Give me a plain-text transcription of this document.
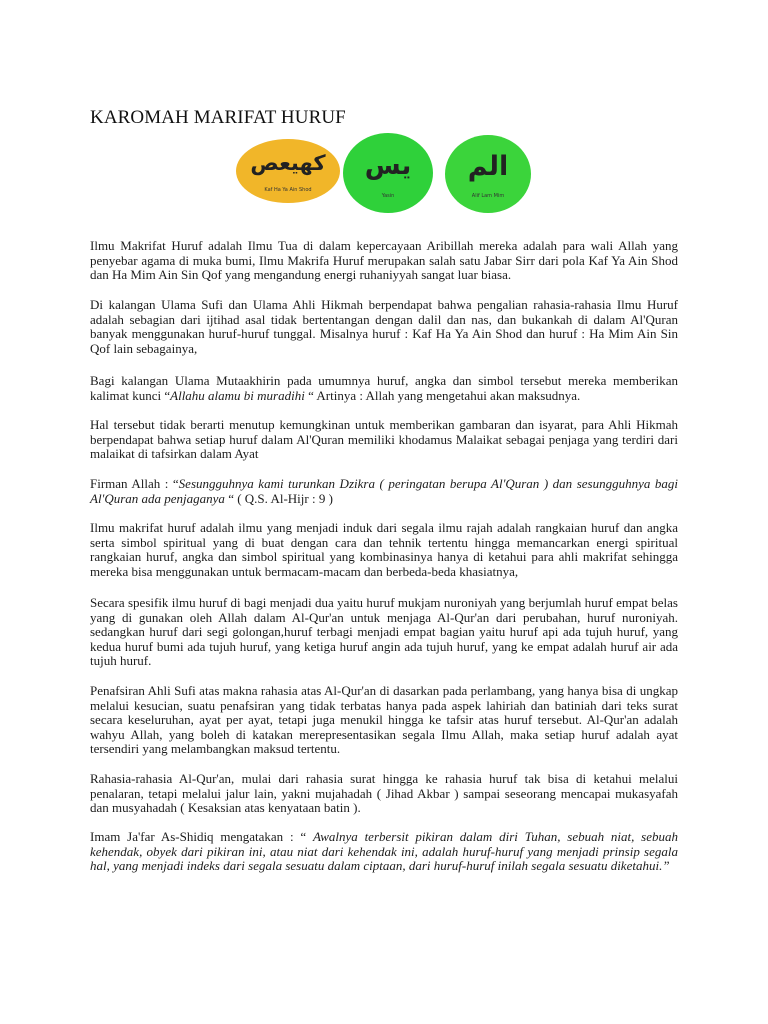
KAROMAH MARIFAT HURUF
كهيعص
Kaf Ha Ya Ain Shod
يس
Yasin
الم
Alif Lam Mim

Ilmu Makrifat Huruf adalah Ilmu Tua di dalam kepercayaan Aribillah mereka adalah para wali Allah yang penyebar agama di muka bumi, Ilmu Makrifa Huruf merupakan salah satu Jabar Sirr dari pola Kaf Ya Ain Shod dan Ha Mim Ain Sin Qof yang mengandung energi ruhaniyyah sangat luar biasa.

Di kalangan Ulama Sufi dan Ulama Ahli Hikmah berpendapat bahwa pengalian rahasia-rahasia Ilmu Huruf adalah sebagian dari ijtihad asal tidak bertentangan dengan dalil dan nas, dan bukankah di dalam Al'Quran banyak menggunakan huruf-huruf tunggal. Misalnya huruf : Kaf Ha Ya Ain Shod dan huruf : Ha Mim Ain Sin Qof lain sebagainya,

Bagi kalangan Ulama Mutaakhirin pada umumnya huruf, angka dan simbol tersebut mereka memberikan kalimat kunci “Allahu alamu bi muradihi “ Artinya : Allah yang mengetahui akan maksudnya.

Hal tersebut tidak berarti menutup kemungkinan untuk memberikan gambaran dan isyarat, para Ahli Hikmah berpendapat bahwa setiap huruf dalam Al'Quran memiliki khodamus Malaikat sebagai penjaga yang terdiri dari malaikat di tafsirkan dalam Ayat

Firman Allah : “Sesungguhnya kami turunkan Dzikra ( peringatan berupa Al'Quran ) dan sesungguhnya bagi Al'Quran ada penjaganya “ ( Q.S. Al-Hijr : 9 )

Ilmu makrifat huruf adalah ilmu yang menjadi induk dari segala ilmu rajah adalah rangkaian huruf dan angka serta simbol spiritual yang di buat dengan cara dan tehnik tertentu hingga memancarkan energi spiritual rangkaian huruf, angka dan simbol spiritual yang kombinasinya hanya di ketahui para ahli makrifat sehingga mereka bisa menggunakan untuk bermacam-macam dan berbeda-beda khasiatnya,

Secara spesifik ilmu huruf di bagi menjadi dua yaitu huruf mukjam nuroniyah yang berjumlah huruf empat belas yang di gunakan oleh Allah dalam Al-Qur'an untuk menjaga Al-Qur'an dari perubahan, huruf nuroniyah. sedangkan huruf dari segi golongan,huruf terbagi menjadi empat bagian yaitu huruf api ada tujuh huruf, yang kedua huruf bumi ada tujuh huruf, yang ketiga huruf angin ada tujuh huruf, yang ke empat adalah huruf air ada tujuh huruf.

Penafsiran Ahli Sufi atas makna rahasia atas Al-Qur'an di dasarkan pada perlambang, yang hanya bisa di ungkap melalui kesucian, suatu penafsiran yang tidak terbatas hanya pada aspek lahiriah dan batiniah dari teks surat secara keseluruhan, ayat per ayat, tetapi juga menukil hingga ke tafsir atas huruf tersebut. Al-Qur'an adalah wahyu Allah, yang boleh di katakan merepresentasikan segala Ilmu Allah, maka setiap huruf adalah ayat tersendiri yang melambangkan maksud tertentu.

Rahasia-rahasia Al-Qur'an, mulai dari rahasia surat hingga ke rahasia huruf tak bisa di ketahui melalui penalaran, tetapi melalui jalur lain, yakni mujahadah ( Jihad Akbar ) sampai seseorang mencapai mukasyafah dan musyahadah ( Kesaksian atas kenyataan batin ).

Imam Ja'far As-Shidiq mengatakan : “ Awalnya terbersit pikiran dalam diri Tuhan, sebuah niat, sebuah kehendak, obyek dari pikiran ini, atau niat dari kehendak ini, adalah huruf-huruf yang menjadi prinsip segala hal, yang menjadi indeks dari segala sesuatu dalam ciptaan, dari huruf-huruf inilah segala sesuatu diketahui.”
